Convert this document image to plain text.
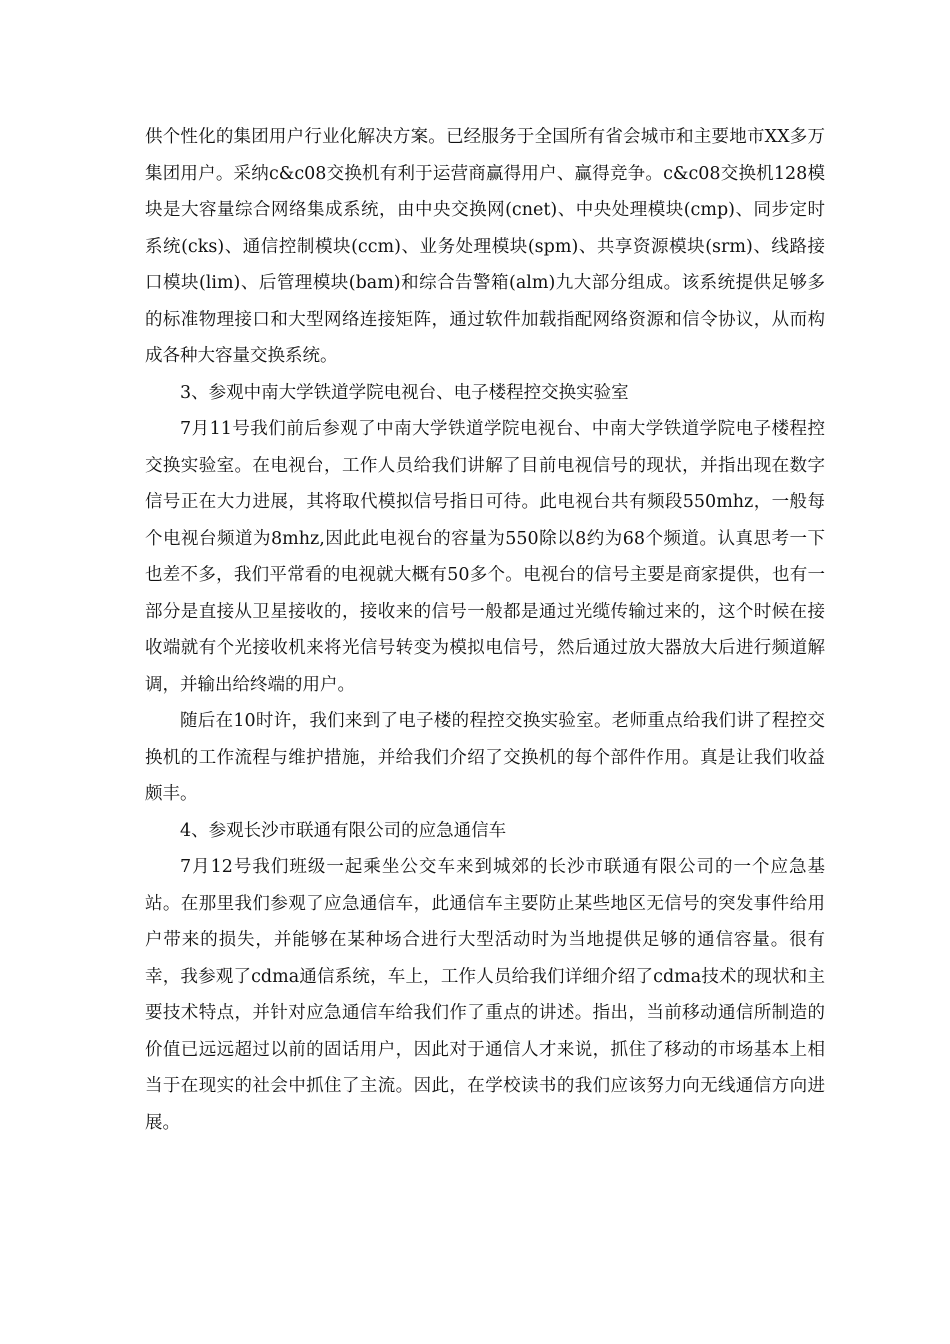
供个性化的集团用户行业化解决方案。已经服务于全国所有省会城市和主要地市XX多万集团用户。采纳c&c08交换机有利于运营商赢得用户、赢得竞争。c&c08交换机128模块是大容量综合网络集成系统，由中央交换网(cnet)、中央处理模块(cmp)、同步定时系统(cks)、通信控制模块(ccm)、业务处理模块(spm)、共享资源模块(srm)、线路接口模块(lim)、后管理模块(bam)和综合告警箱(alm)九大部分组成。该系统提供足够多的标准物理接口和大型网络连接矩阵，通过软件加载指配网络资源和信令协议，从而构成各种大容量交换系统。

3、参观中南大学铁道学院电视台、电子楼程控交换实验室

7月11号我们前后参观了中南大学铁道学院电视台、中南大学铁道学院电子楼程控交换实验室。在电视台，工作人员给我们讲解了目前电视信号的现状，并指出现在数字信号正在大力进展，其将取代模拟信号指日可待。此电视台共有频段550mhz，一般每个电视台频道为8mhz,因此此电视台的容量为550除以8约为68个频道。认真思考一下也差不多，我们平常看的电视就大概有50多个。电视台的信号主要是商家提供，也有一部分是直接从卫星接收的，接收来的信号一般都是通过光缆传输过来的，这个时候在接收端就有个光接收机来将光信号转变为模拟电信号，然后通过放大器放大后进行频道解调，并输出给终端的用户。

随后在10时许，我们来到了电子楼的程控交换实验室。老师重点给我们讲了程控交换机的工作流程与维护措施，并给我们介绍了交换机的每个部件作用。真是让我们收益颇丰。

4、参观长沙市联通有限公司的应急通信车

7月12号我们班级一起乘坐公交车来到城郊的长沙市联通有限公司的一个应急基站。在那里我们参观了应急通信车，此通信车主要防止某些地区无信号的突发事件给用户带来的损失，并能够在某种场合进行大型活动时为当地提供足够的通信容量。很有幸，我参观了cdma通信系统，车上，工作人员给我们详细介绍了cdma技术的现状和主要技术特点，并针对应急通信车给我们作了重点的讲述。指出，当前移动通信所制造的价值已远远超过以前的固话用户，因此对于通信人才来说，抓住了移动的市场基本上相当于在现实的社会中抓住了主流。因此，在学校读书的我们应该努力向无线通信方向进展。
